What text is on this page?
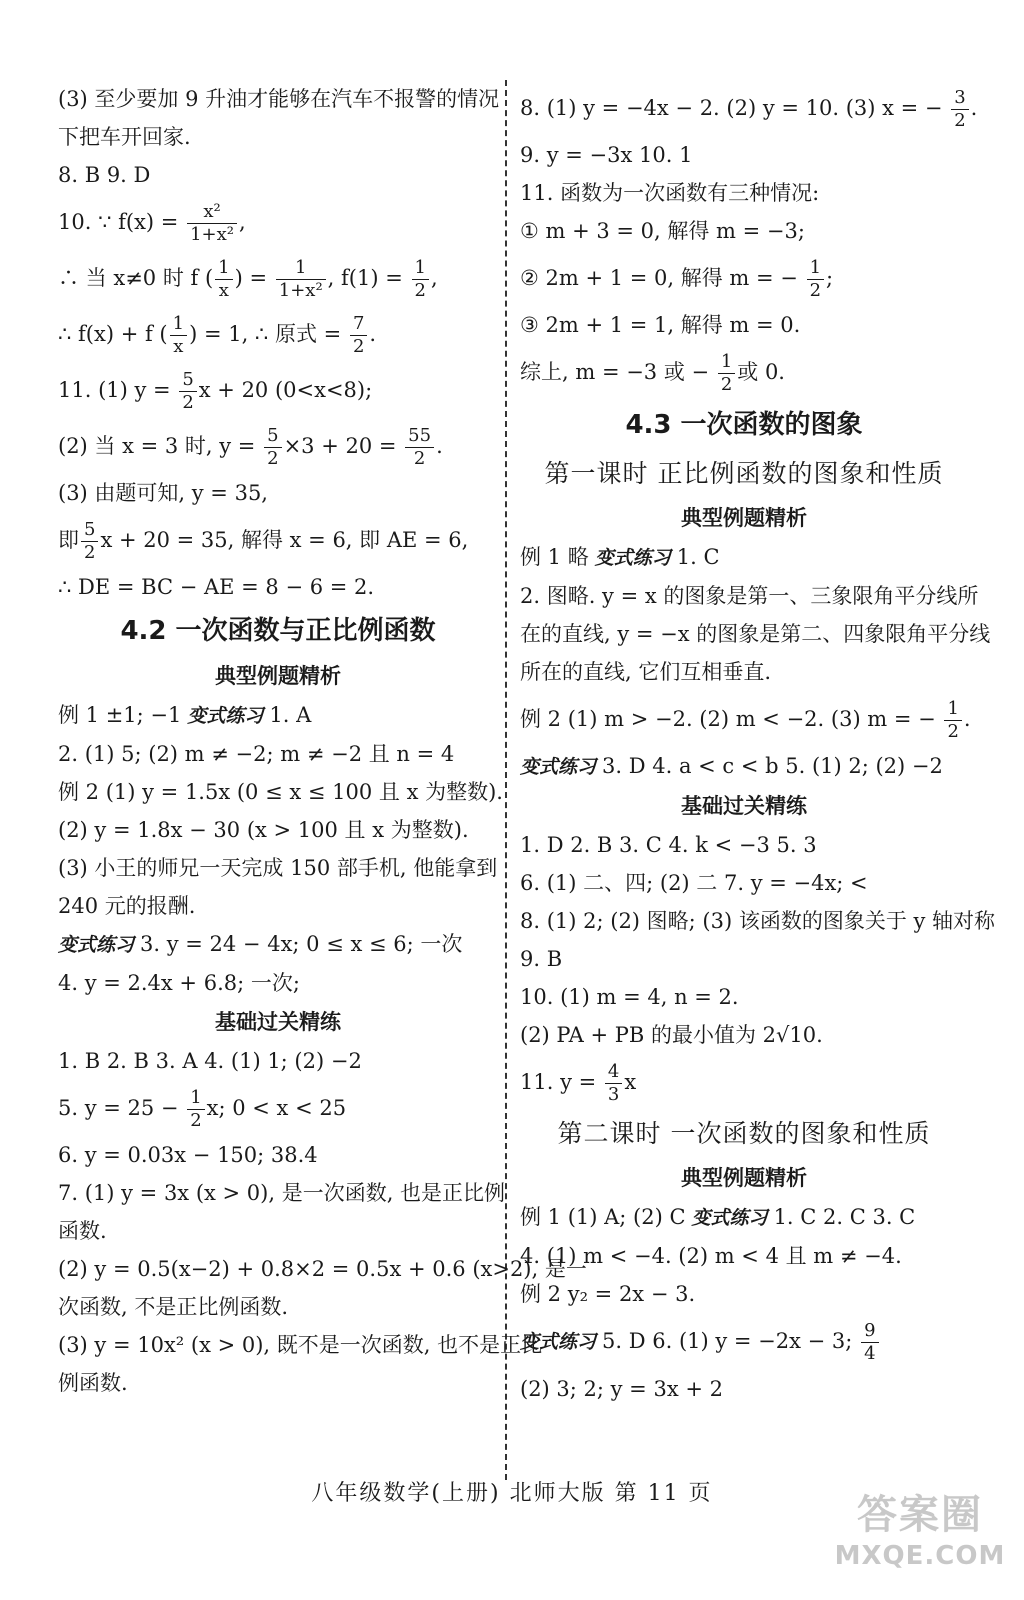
(3) 至少要加 9 升油才能够在汽车不报警的情况
下把车开回家.
8. B 9. D
10. ∵ $f(x) = \frac{\text{x²}}{\text{1+x²}}$ ,
∴ 当 x≠0 时 f ( $\frac{1}{x}$ ) = $\frac{1}{\text{1+x²}}$ , $f(1) = \frac{1}{2}$ ,
∴ f(x) + f ( $\frac{1}{x}$ ) = 1, ∴ 原式 = $\frac{7}{2}$ .
11. (1) $y = \frac{5}{2}$ x + 20 (0<x<8);
(2) 当 x = 3 时, $y = \frac{5}{2} \times 3 + 20 = \frac{55}{2}$ .
(3) 由题可知, y = 35,
即 $\frac{5}{2}$ x + 20 = 35, 解得 x = 6, 即 AE = 6,
∴ DE = BC − AE = 8 − 6 = 2.
4.2 一次函数与正比例函数
典型例题精析
例 1 ±1; −1 变式练习 1. A
2. (1) 5; (2) m ≠ −2; m ≠ −2 且 n = 4
例 2 (1) y = 1.5x (0 ≤ x ≤ 100 且 x 为整数).
(2) y = 1.8x − 30 (x > 100 且 x 为整数).
(3) 小王的师兄一天完成 150 部手机, 他能拿到
240 元的报酬.
变式练习 3. y = 24 − 4x; 0 ≤ x ≤ 6; 一次
4. y = 2.4x + 6.8; 一次;
基础过关精练
1. B 2. B 3. A 4. (1) 1; (2) −2
5. $y = 25 - \frac{1}{2} x$; 0 < x < 25
6. y = 0.03x − 150; 38.4
7. (1) y = 3x (x > 0), 是一次函数, 也是正比例
函数.
(2) y = 0.5(x−2) + 0.8×2 = 0.5x + 0.6 (x>2), 是一
次函数, 不是正比例函数.
(3) y = 10x² (x > 0), 既不是一次函数, 也不是正比
例函数.
8. (1) y = −4x − 2. (2) y = 10. (3) x = − $\frac{3}{2}$ .
9. y = −3x 10. 1
11. 函数为一次函数有三种情况:
① m + 3 = 0, 解得 m = −3;
② 2m + 1 = 0, 解得 m = − $\frac{1}{2}$ ;
③ 2m + 1 = 1, 解得 m = 0.
综上, m = −3 或 − $\frac{1}{2}$ 或 0.
4.3 一次函数的图象
第一课时 正比例函数的图象和性质
典型例题精析
例 1 略 变式练习 1. C
2. 图略. y = x 的图象是第一、三象限角平分线所
在的直线, y = −x 的图象是第二、四象限角平分线
所在的直线, 它们互相垂直.
例 2 (1) m > −2. (2) m < −2. (3) m = − $\frac{1}{2}$ .
变式练习 3. D 4. a < c < b 5. (1) 2; (2) −2
基础过关精练
1. D 2. B 3. C 4. k < −3 5. 3
6. (1) 二、四; (2) 二 7. y = −4x; <
8. (1) 2; (2) 图略; (3) 该函数的图象关于 y 轴对称
9. B
10. (1) m = 4, n = 2.
(2) PA + PB 的最小值为 2√10.
11. $y = \frac{4}{3}$ x
第二课时 一次函数的图象和性质
典型例题精析
例 1 (1) A; (2) C 变式练习 1. C 2. C 3. C
4. (1) m < −4. (2) m < 4 且 m ≠ −4.
例 2 y₂ = 2x − 3.
变式练习 5. D 6. (1) y = −2x − 3; $\frac{9}{4}$
(2) 3; 2; y = 3x + 2
八年级数学(上册) 北师大版 第 11 页	答案圈
MXQE.COM
